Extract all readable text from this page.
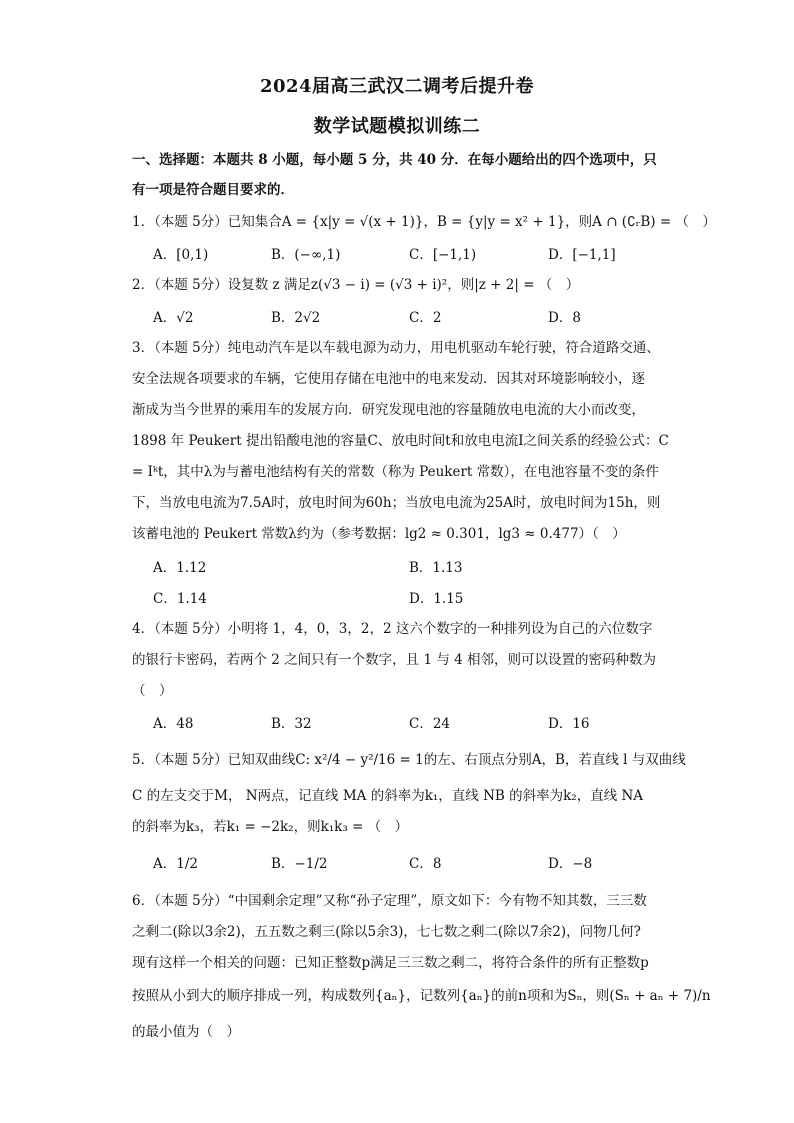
2024届高三武汉二调考后提升卷
数学试题模拟训练二
一、选择题：本题共 8 小题，每小题 5 分，共 40 分．在每小题给出的四个选项中，只
有一项是符合题目要求的．
1．（本题 5分）已知集合A = {x|y = √(x + 1)}，B = {y|y = x² + 1}，则A ∩ (∁ᵣB) = （　）
A．[0,1)	B．(−∞,1)	C．[−1,1)	D．[−1,1]
2．（本题 5分）设复数 z 满足z(√3 − i) = (√3 + i)²，则|z + 2| = （　）
A．√2	B．2√2	C．2	D．8
3．（本题 5分）纯电动汽车是以车载电源为动力，用电机驱动车轮行驶，符合道路交通、
安全法规各项要求的车辆，它使用存储在电池中的电来发动．因其对环境影响较小，逐
渐成为当今世界的乘用车的发展方向．研究发现电池的容量随放电电流的大小而改变，
1898 年 Peukert 提出铅酸电池的容量C、放电时间t和放电电流I之间关系的经验公式：C
= Iᵏt，其中λ为与蓄电池结构有关的常数（称为 Peukert 常数），在电池容量不变的条件
下，当放电电流为7.5A时，放电时间为60h；当放电电流为25A时，放电时间为15h，则
该蓄电池的 Peukert 常数λ约为（参考数据：lg2 ≈ 0.301，lg3 ≈ 0.477）（　）
A．1.12	B．1.13
C．1.14	D．1.15
4．（本题 5分）小明将 1，4，0，3，2，2 这六个数字的一种排列设为自己的六位数字
的银行卡密码，若两个 2 之间只有一个数字，且 1 与 4 相邻，则可以设置的密码种数为
（　）
A．48	B．32	C．24	D．16
5．（本题 5分）已知双曲线C: x²/4 − y²/16 = 1的左、右顶点分别A，B，若直线 l 与双曲线
C 的左支交于M， N两点，记直线 MA 的斜率为k₁，直线 NB 的斜率为k₂，直线 NA
的斜率为k₃，若k₁ = −2k₂，则k₁k₃ = （　）
A．1/2	B．−1/2	C．8	D．−8
6．（本题 5分）“中国剩余定理”又称“孙子定理”，原文如下：今有物不知其数，三三数
之剩二(除以3余2)，五五数之剩三(除以5余3)，七七数之剩二(除以7余2)，问物几何?
现有这样一个相关的问题：已知正整数p满足三三数之剩二，将符合条件的所有正整数p
按照从小到大的顺序排成一列，构成数列{aₙ}，记数列{aₙ}的前n项和为Sₙ，则(Sₙ + aₙ + 7)/n
的最小值为（　）
